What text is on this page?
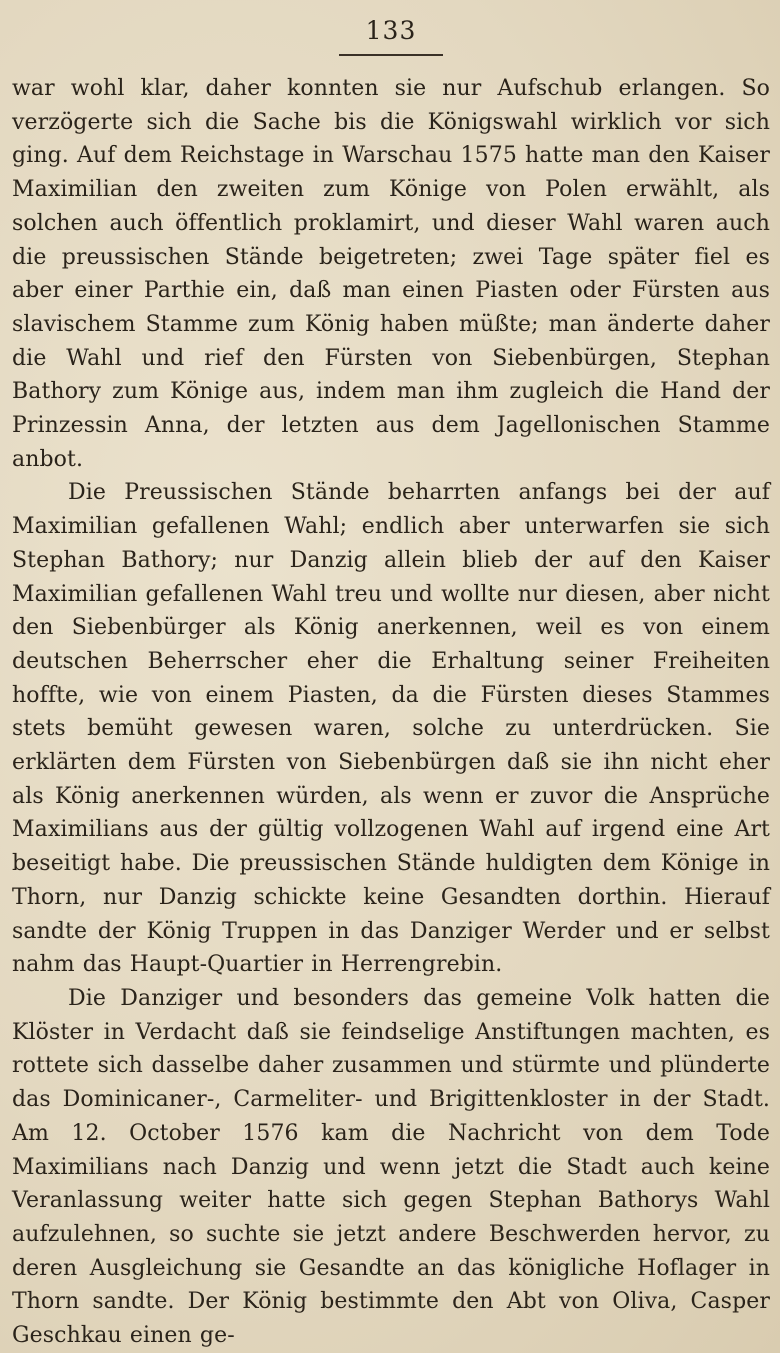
133

war wohl klar, daher konnten sie nur Aufschub erlangen. So verzögerte sich die Sache bis die Königswahl wirklich vor sich ging. Auf dem Reichstage in Warschau 1575 hatte man den Kaiser Maximilian den zweiten zum Könige von Polen erwählt, als solchen auch öffentlich proklamirt, und dieser Wahl waren auch die preussischen Stände beigetreten; zwei Tage später fiel es aber einer Parthie ein, daß man einen Piasten oder Fürsten aus slavischem Stamme zum König haben müßte; man änderte daher die Wahl und rief den Fürsten von Siebenbürgen, Stephan Bathory zum Könige aus, indem man ihm zugleich die Hand der Prinzessin Anna, der letzten aus dem Jagellonischen Stamme anbot.

Die Preussischen Stände beharrten anfangs bei der auf Maximilian gefallenen Wahl; endlich aber unterwarfen sie sich Stephan Bathory; nur Danzig allein blieb der auf den Kaiser Maximilian gefallenen Wahl treu und wollte nur diesen, aber nicht den Siebenbürger als König anerkennen, weil es von einem deutschen Beherrscher eher die Erhaltung seiner Freiheiten hoffte, wie von einem Piasten, da die Fürsten dieses Stammes stets bemüht gewesen waren, solche zu unterdrücken. Sie erklärten dem Fürsten von Siebenbürgen daß sie ihn nicht eher als König anerkennen würden, als wenn er zuvor die Ansprüche Maximilians aus der gültig vollzogenen Wahl auf irgend eine Art beseitigt habe. Die preussischen Stände huldigten dem Könige in Thorn, nur Danzig schickte keine Gesandten dorthin. Hierauf sandte der König Truppen in das Danziger Werder und er selbst nahm das Haupt-Quartier in Herrengrebin.

Die Danziger und besonders das gemeine Volk hatten die Klöster in Verdacht daß sie feindselige Anstiftungen machten, es rottete sich dasselbe daher zusammen und stürmte und plünderte das Dominicaner-, Carmeliter- und Brigittenkloster in der Stadt. Am 12. October 1576 kam die Nachricht von dem Tode Maximilians nach Danzig und wenn jetzt die Stadt auch keine Veranlassung weiter hatte sich gegen Stephan Bathorys Wahl aufzulehnen, so suchte sie jetzt andere Beschwerden hervor, zu deren Ausgleichung sie Gesandte an das königliche Hoflager in Thorn sandte. Der König bestimmte den Abt von Oliva, Casper Geschkau einen ge-
